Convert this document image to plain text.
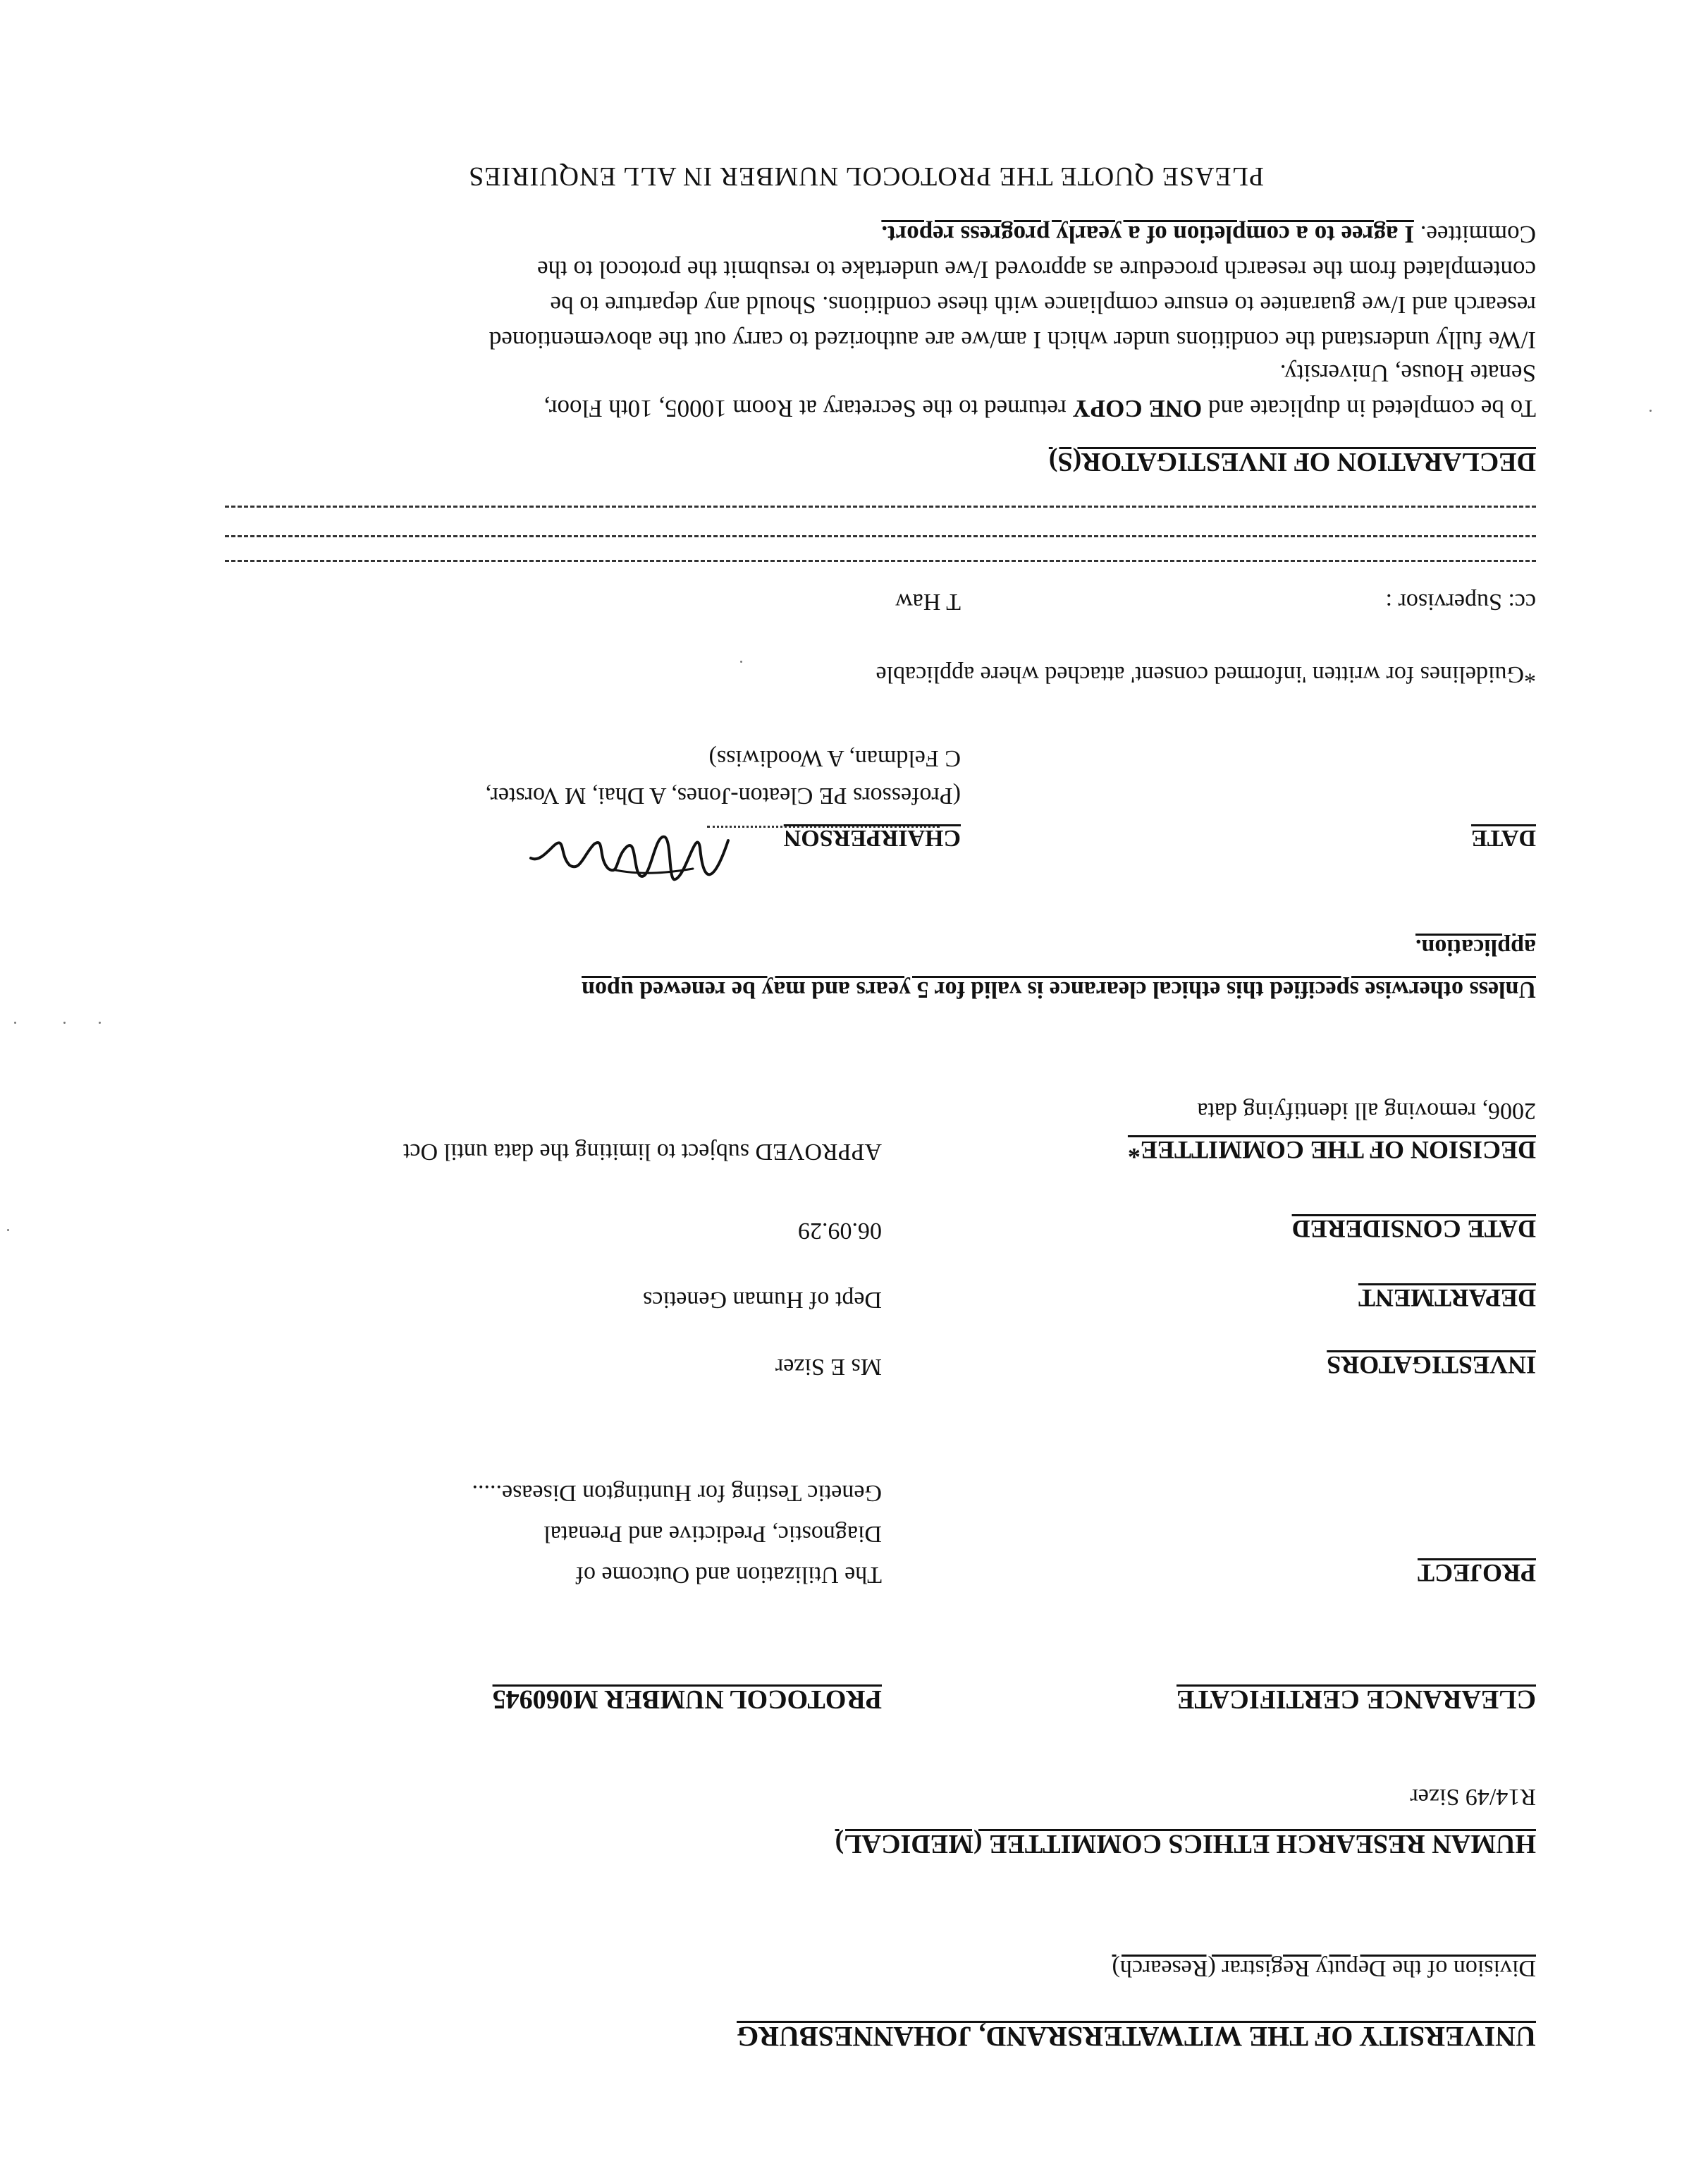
UNIVERSITY OF THE WITWATERSRAND, JOHANNESBURG
Division of the Deputy Registrar (Research)
HUMAN RESEARCH ETHICS COMMITTEE (MEDICAL)
R14/49 Sizer
CLEARANCE CERTIFICATE
PROTOCOL NUMBER M060945
PROJECT
The Utilization and Outcome of
Diagnostic, Predictive and Prenatal
Genetic Testing for Huntington Disease.....
INVESTIGATORS
Ms E Sizer
DEPARTMENT
Dept of Human Genetics
DATE CONSIDERED
06.09.29
DECISION OF THE COMMITTEE*
APPROVED subject to limiting the data until Oct
2006, removing all identifying data
Unless otherwise specified this ethical clearance is valid for 5 years and may be renewed upon
application.
DATE
CHAIRPERSON
(Professors PE Cleaton-Jones, A Dhai, M Vorster,
C Feldman, A Woodiwiss)
*Guidelines for written 'informed consent' attached where applicable
cc: Supervisor :
T Haw
DECLARATION OF INVESTIGATOR(S)
To be completed in duplicate and ONE COPY returned to the Secretary at Room 10005, 10th Floor,
Senate House, University.
I/We fully understand the conditions under which I am/we are authorized to carry out the abovementioned
research and I/we guarantee to ensure compliance with these conditions. Should any departure to be
contemplated from the research procedure as approved I/we undertake to resubmit the protocol to the
Committee. I agree to a completion of a yearly progress report.
PLEASE QUOTE THE PROTOCOL NUMBER IN ALL ENQUIRIES
